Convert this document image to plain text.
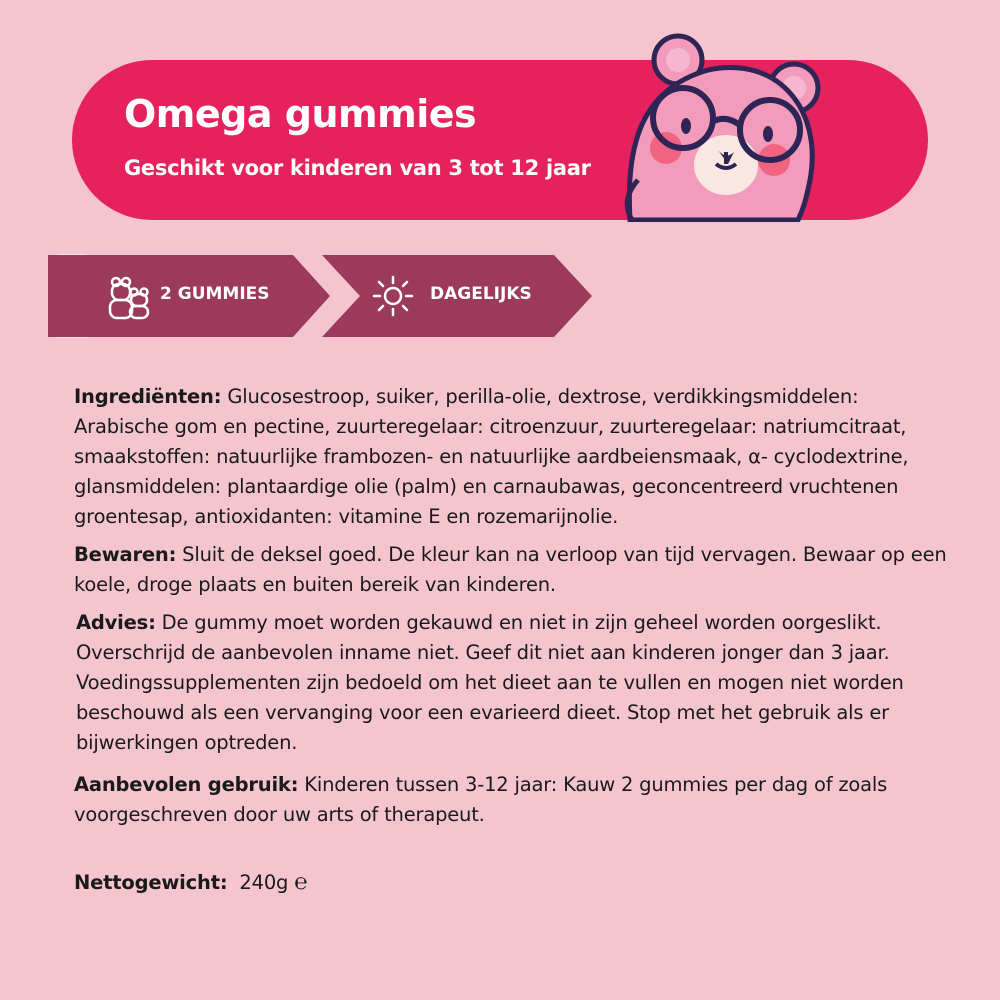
Omega gummies
Geschikt voor kinderen van 3 tot 12 jaar
2 GUMMIES	DAGELIJKS

Ingrediënten: Glucosestroop, suiker, perilla-olie, dextrose, verdikkingsmiddelen: Arabische gom en pectine, zuurteregelaar: citroenzuur, zuurteregelaar: natriumcitraat, smaakstoffen: natuurlijke frambozen- en natuurlijke aardbeiensmaak, α- cyclodextrine, glansmiddelen: plantaardige olie (palm) en carnaubawas, geconcentreerd vruchtenen groentesap, antioxidanten: vitamine E en rozemarijnolie.

Bewaren: Sluit de deksel goed. De kleur kan na verloop van tijd vervagen. Bewaar op een koele, droge plaats en buiten bereik van kinderen.

Advies: De gummy moet worden gekauwd en niet in zijn geheel worden oorgeslikt. Overschrijd de aanbevolen inname niet. Geef dit niet aan kinderen jonger dan 3 jaar. Voedingssupplementen zijn bedoeld om het dieet aan te vullen en mogen niet worden beschouwd als een vervanging voor een evarieerd dieet. Stop met het gebruik als er bijwerkingen optreden.

Aanbevolen gebruik: Kinderen tussen 3-12 jaar: Kauw 2 gummies per dag of zoals voorgeschreven door uw arts of therapeut.

Nettogewicht:  240g ℮
